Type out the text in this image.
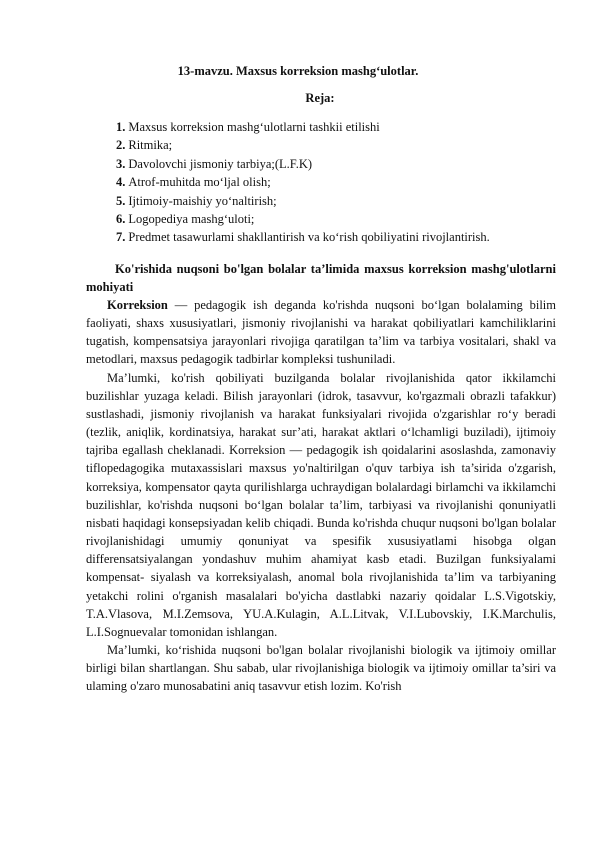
13-mavzu. Maxsus korreksion mashg‘ulotlar.
Reja:
1. Maxsus korreksion mashg‘ulotlarni tashkii etilishi
2. Ritmika;
3. Davolovchi jismoniy tarbiya;(L.F.K)
4. Atrof-muhitda mo‘ljal olish;
5. Ijtimoiy-maishiy yo‘naltirish;
6. Logopediya mashg‘uloti;
7. Predmet tasawurlami shakllantirish va ko‘rish qobiliyatini rivojlantirish.
Ko'rishida nuqsoni bo'lgan bolalar ta’limida maxsus korreksion mashg'ulotlarni mohiyati

Korreksion — pedagogik ish deganda ko'rishda nuqsoni bo‘lgan bolalaming bilim faoliyati, shaxs xususiyatlari, jismoniy rivojlanishi va harakat qobiliyatlari kamchiliklarini tugatish, kompensatsiya jarayonlari rivojiga qaratilgan ta’lim va tarbiya vositalari, shakl va metodlari, maxsus pedagogik tadbirlar kompleksi tushuniladi.

Ma’lumki, ko'rish qobiliyati buzilganda bolalar rivojlanishida qator ikkilamchi buzilishlar yuzaga keladi. Bilish jarayonlari (idrok, tasavvur, ko'rgazmali obrazli tafakkur) sustlashadi, jismoniy rivojlanish va harakat funksiyalari rivojida o'zgarishlar ro‘y beradi (tezlik, aniqlik, kordinatsiya, harakat sur’ati, harakat aktlari o‘lchamligi buziladi), ijtimoiy tajriba egallash cheklanadi. Korreksion — pedagogik ish qoidalarini asoslashda, zamonaviy tiflopedagogika mutaxassislari maxsus yo'naltirilgan o'quv tarbiya ish ta’sirida o'zgarish, korreksiya, kompensator qayta qurilishlarga uchraydigan bolalardagi birlamchi va ikkilamchi buzilishlar, ko'rishda nuqsoni bo‘lgan bolalar ta’lim, tarbiyasi va rivojlanishi qonuniyatli nisbati haqidagi konsepsiyadan kelib chiqadi. Bunda ko'rishda chuqur nuqsoni bo'lgan bolalar rivojlanishidagi umumiy qonuniyat va spesifik xususiyatlami hisobga olgan differensatsiyalangan yondashuv muhim ahamiyat kasb etadi. Buzilgan funksiyalami kompensat- siyalash va korreksiyalash, anomal bola rivojlanishida ta’lim va tarbiyaning yetakchi rolini o'rganish masalalari bo'yicha dastlabki nazariy qoidalar L.S.Vigotskiy, T.A.Vlasova, M.I.Zemsova, YU.A.Kulagin, A.L.Litvak, V.I.Lubovskiy, I.K.Marchulis, L.I.Sognuevalar tomonidan ishlangan.

Ma’lumki, ko‘rishida nuqsoni bo'lgan bolalar rivojlanishi biologik va ijtimoiy omillar birligi bilan shartlangan. Shu sabab, ular rivojlanishiga biologik va ijtimoiy omillar ta’siri va ulaming o'zaro munosabatini aniq tasavvur etish lozim. Ko'rish
